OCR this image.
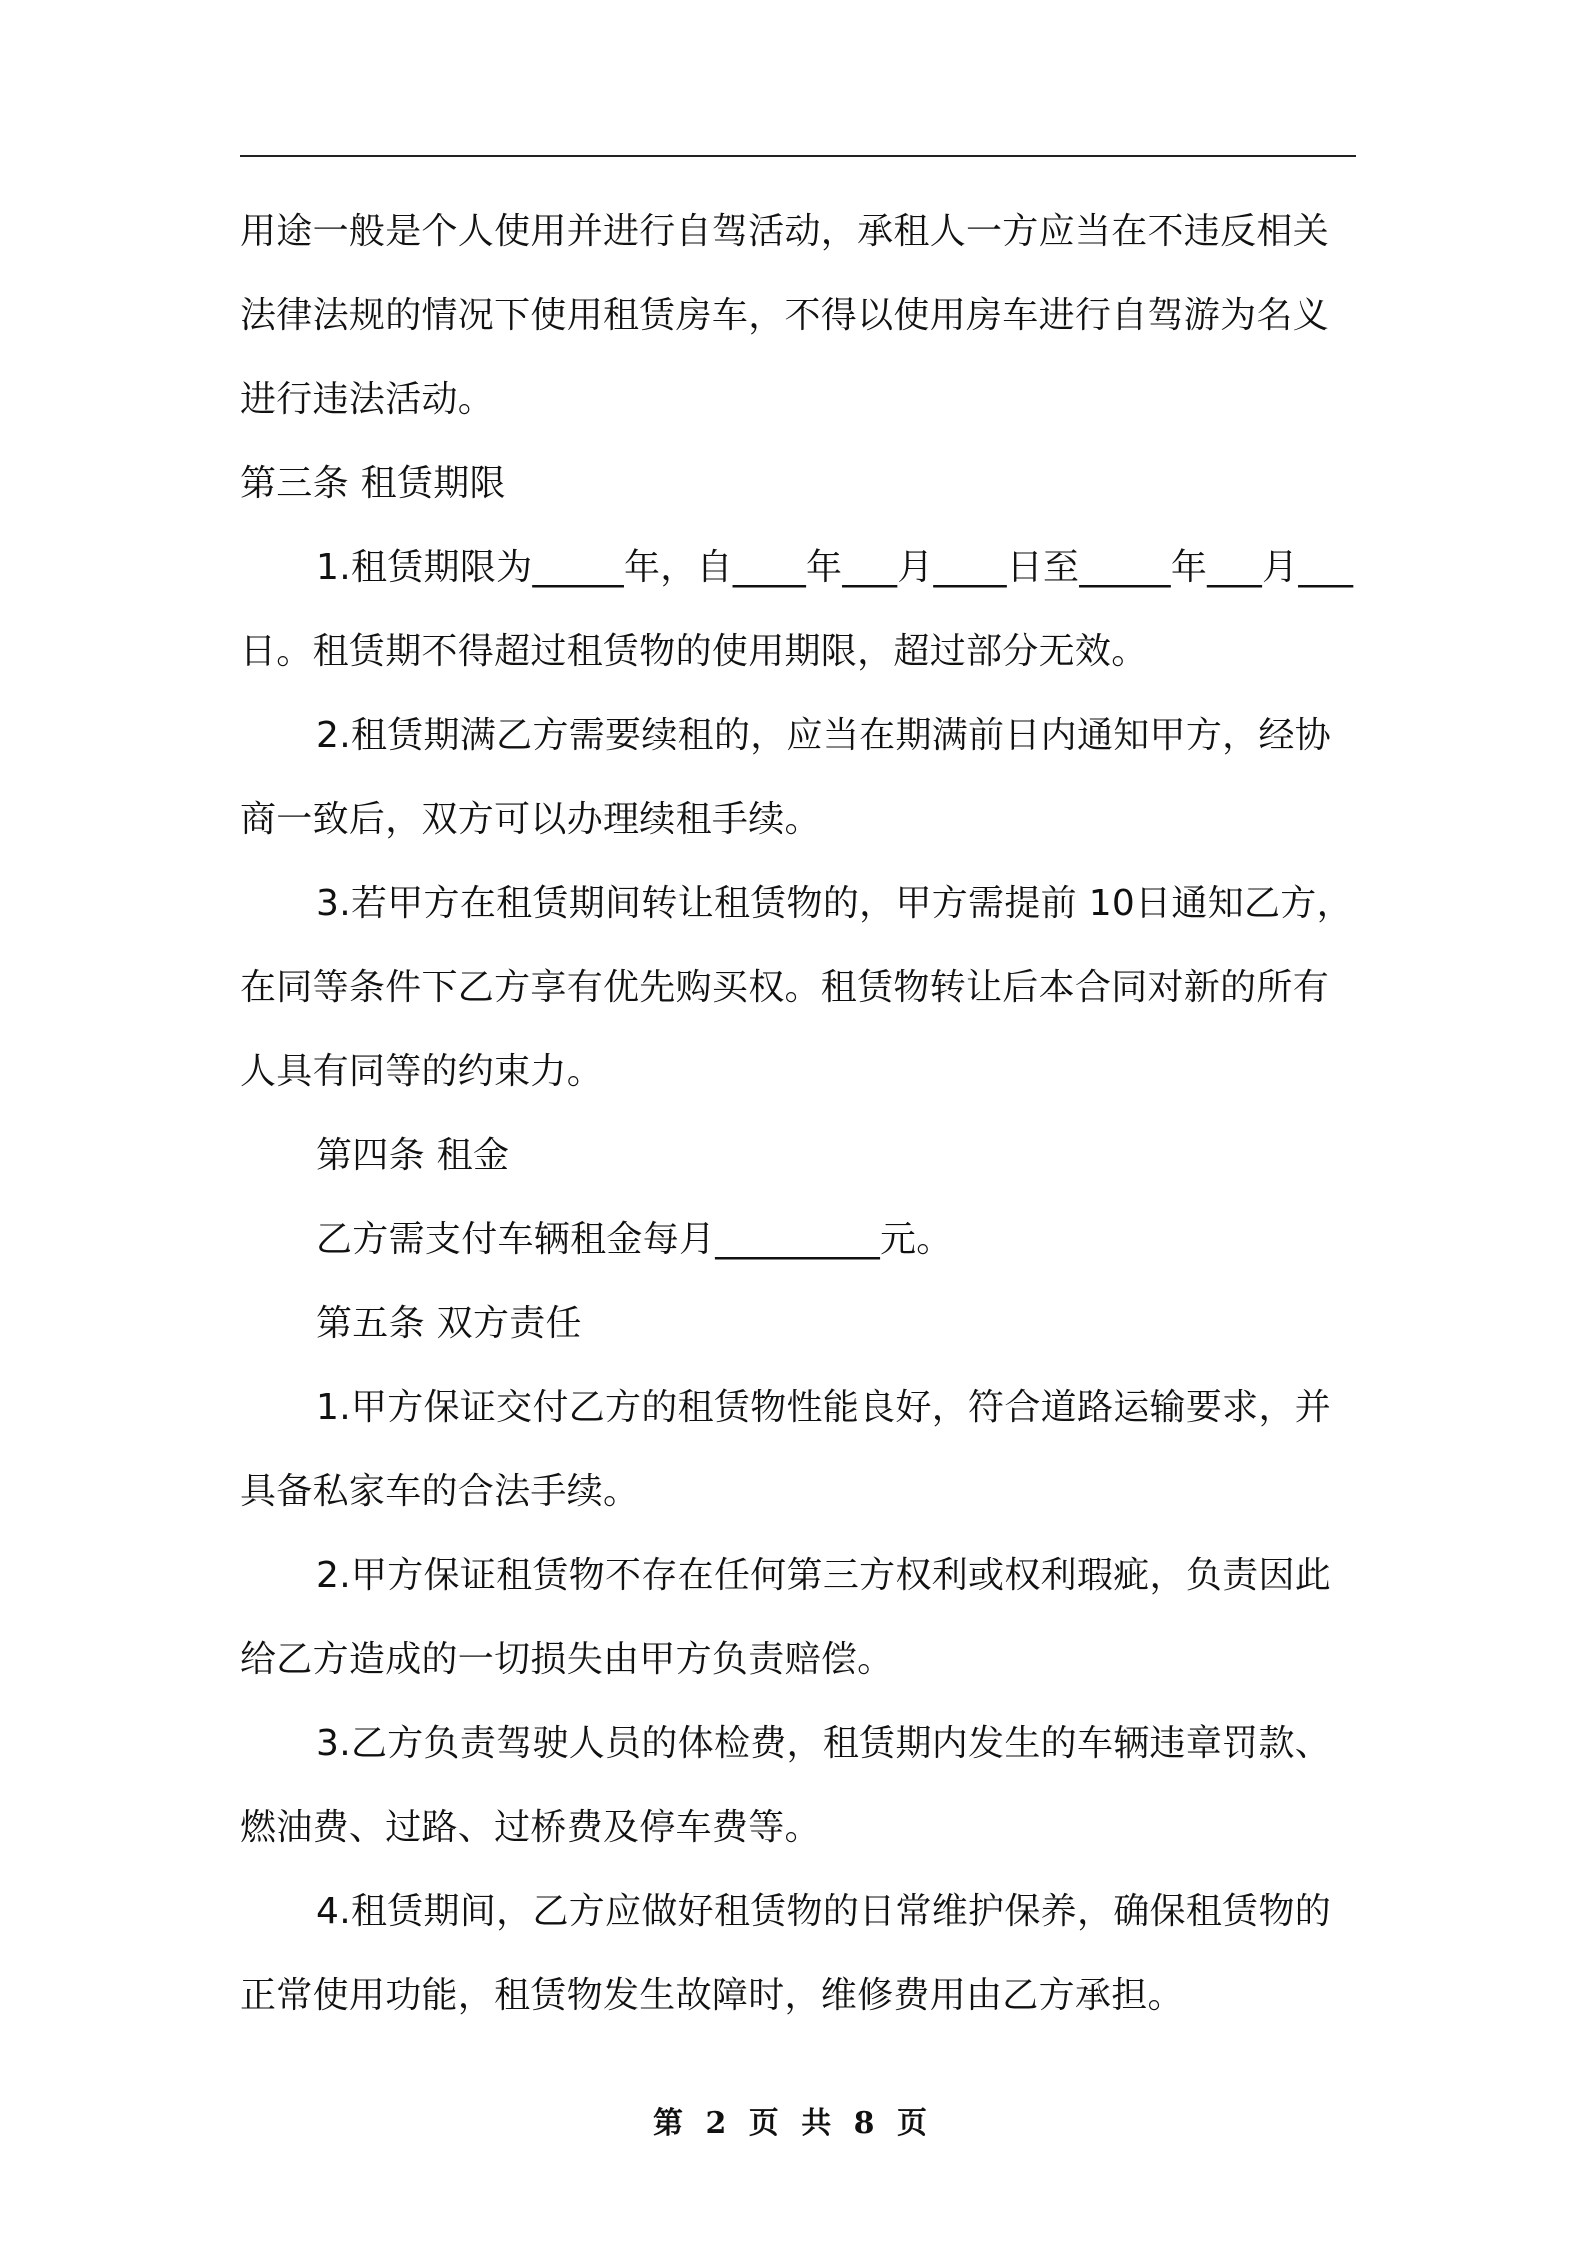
用途一般是个人使用并进行自驾活动，承租人一方应当在不违反相关法律法规的情况下使用租赁房车，不得以使用房车进行自驾游为名义进行违法活动。

第三条 租赁期限

1.租赁期限为_____年，自____年___月____日至_____年___月___日。租赁期不得超过租赁物的使用期限，超过部分无效。

2.租赁期满乙方需要续租的，应当在期满前日内通知甲方，经协商一致后，双方可以办理续租手续。

3.若甲方在租赁期间转让租赁物的，甲方需提前 10日通知乙方，在同等条件下乙方享有优先购买权。租赁物转让后本合同对新的所有人具有同等的约束力。

第四条 租金

乙方需支付车辆租金每月_________元。

第五条 双方责任

1.甲方保证交付乙方的租赁物性能良好，符合道路运输要求，并具备私家车的合法手续。

2.甲方保证租赁物不存在任何第三方权利或权利瑕疵，负责因此给乙方造成的一切损失由甲方负责赔偿。

3.乙方负责驾驶人员的体检费，租赁期内发生的车辆违章罚款、燃油费、过路、过桥费及停车费等。

4.租赁期间，乙方应做好租赁物的日常维护保养，确保租赁物的正常使用功能，租赁物发生故障时，维修费用由乙方承担。

第 2 页 共 8 页
